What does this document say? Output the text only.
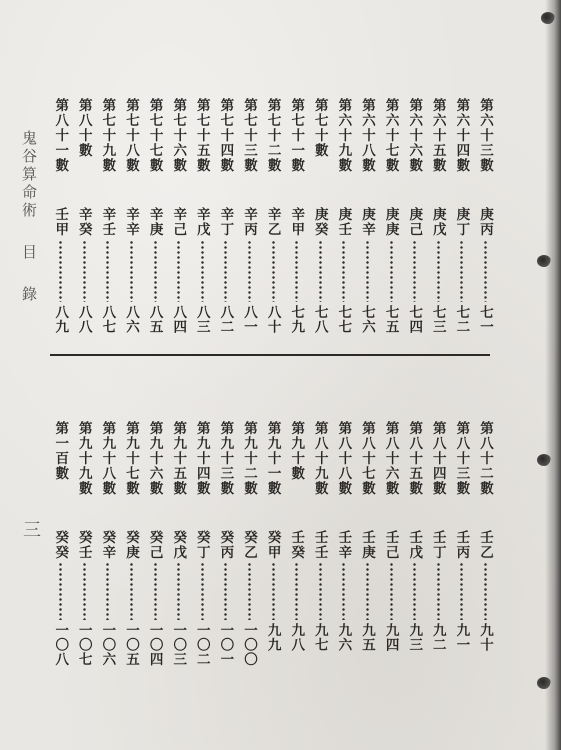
鬼谷算命術目錄
三
第六十三數
庚丙
七一
第六十四數
庚丁
七二
第六十五數
庚戊
七三
第六十六數
庚己
七四
第六十七數
庚庚
七五
第六十八數
庚辛
七六
第六十九數
庚壬
七七
第七十數
庚癸
七八
第七十一數
辛甲
七九
第七十二數
辛乙
八十
第七十三數
辛丙
八一
第七十四數
辛丁
八二
第七十五數
辛戊
八三
第七十六數
辛己
八四
第七十七數
辛庚
八五
第七十八數
辛辛
八六
第七十九數
辛壬
八七
第八十數
辛癸
八八
第八十一數
壬甲
八九
第八十二數
壬乙
九十
第八十三數
壬丙
九一
第八十四數
壬丁
九二
第八十五數
壬戊
九三
第八十六數
壬己
九四
第八十七數
壬庚
九五
第八十八數
壬辛
九六
第八十九數
壬壬
九七
第九十數
壬癸
九八
第九十一數
癸甲
九九
第九十二數
癸乙
一〇〇
第九十三數
癸丙
一〇一
第九十四數
癸丁
一〇二
第九十五數
癸戊
一〇三
第九十六數
癸己
一〇四
第九十七數
癸庚
一〇五
第九十八數
癸辛
一〇六
第九十九數
癸壬
一〇七
第一百數
癸癸
一〇八
